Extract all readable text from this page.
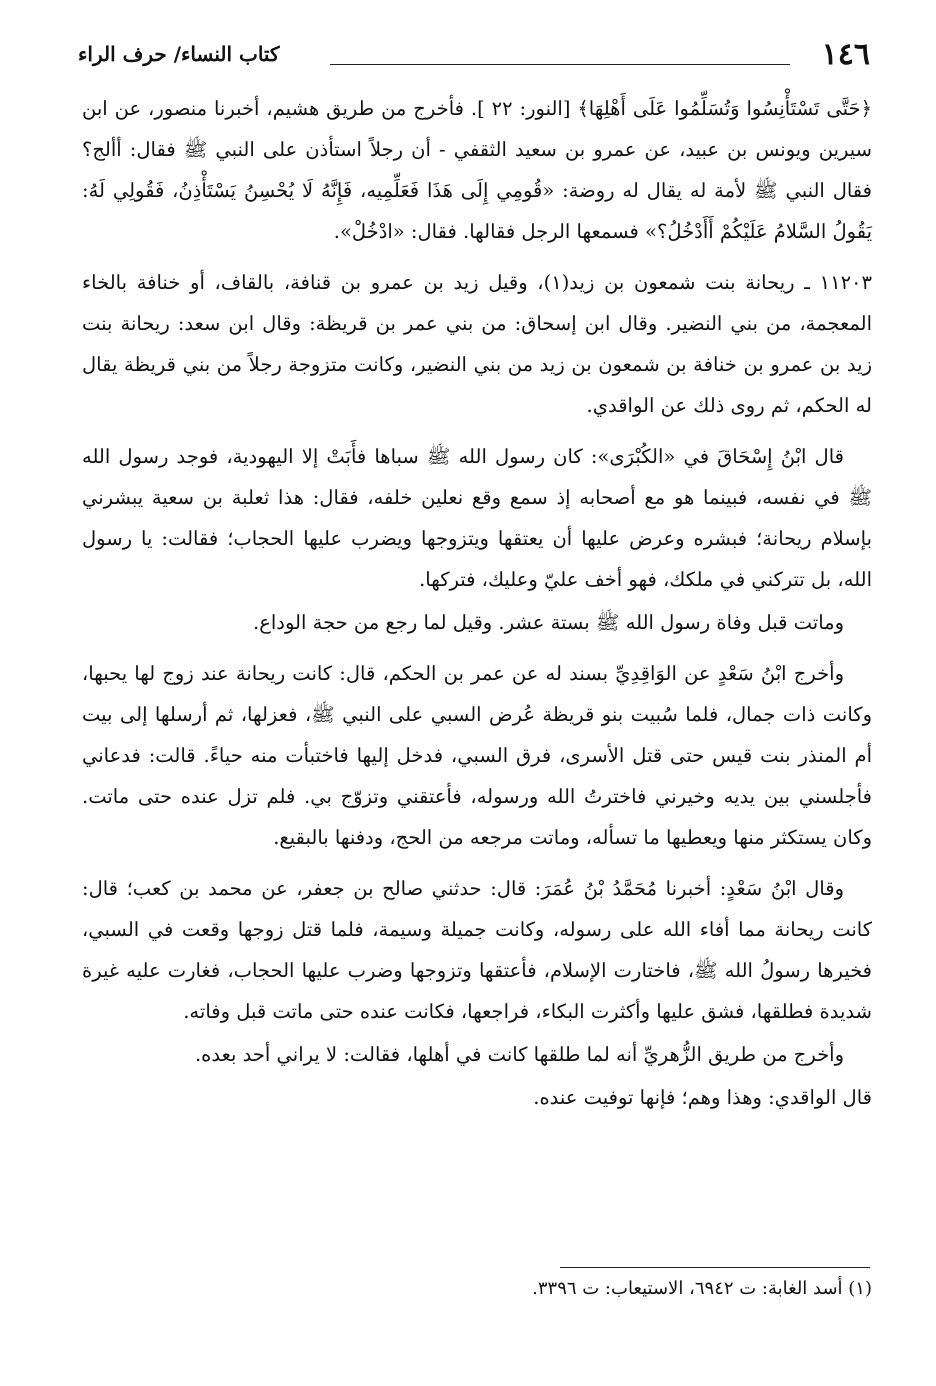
١٤٦
كتاب النساء/ حرف الراء

﴿حَتَّى تَسْتَأْنِسُوا وَتُسَلِّمُوا عَلَى أَهْلِهَا﴾ [النور: ٢٢ ]. فأخرج من طريق هشيم، أخبرنا منصور، عن ابن سيرين ويونس بن عبيد، عن عمرو بن سعيد الثقفي - أن رجلاً استأذن على النبي ﷺ فقال: أألج؟ فقال النبي ﷺ لأمة له يقال له روضة: «قُومِي إِلَى هَذَا فَعَلِّمِيه، فَإِنَّهُ لَا يُحْسِنُ يَسْتَأْذِنُ، فَقُولِي لَهُ: يَقُولُ السَّلامُ عَلَيْكُمْ أَأَدْخُلُ؟» فسمعها الرجل فقالها. فقال: «ادْخُلْ».

١١٢٠٣ ـ ريحانة بنت شمعون بن زيد(١)، وقيل زيد بن عمرو بن قنافة، بالقاف، أو خنافة بالخاء المعجمة، من بني النضير. وقال ابن إسحاق: من بني عمر بن قريظة: وقال ابن سعد: ريحانة بنت زيد بن عمرو بن خنافة بن شمعون بن زيد من بني النضير، وكانت متزوجة رجلاً من بني قريظة يقال له الحكم، ثم روى ذلك عن الواقدي.

قال ابْنُ إِسْحَاقَ في «الكُبْرَى»: كان رسول الله ﷺ سباها فأَبَتْ إلا اليهودية، فوجد رسول الله ﷺ في نفسه، فبينما هو مع أصحابه إذ سمع وقع نعلين خلفه، فقال: هذا ثعلبة بن سعية يبشرني بإسلام ريحانة؛ فبشره وعرض عليها أن يعتقها ويتزوجها ويضرب عليها الحجاب؛ فقالت: يا رسول الله، بل تتركني في ملكك، فهو أخف عليّ وعليك، فتركها.

وماتت قبل وفاة رسول الله ﷺ بستة عشر. وقيل لما رجع من حجة الوداع.

وأخرج ابْنُ سَعْدٍ عن الوَاقِدِيِّ بسند له عن عمر بن الحكم، قال: كانت ريحانة عند زوج لها يحبها، وكانت ذات جمال، فلما سُبيت بنو قريظة عُرض السبي على النبي ﷺ، فعزلها، ثم أرسلها إلى بيت أم المنذر بنت قيس حتى قتل الأسرى، فرق السبي، فدخل إليها فاختبأت منه حياءً. قالت: فدعاني فأجلسني بين يديه وخيرني فاخترتُ الله ورسوله، فأعتقني وتزوّج بي. فلم تزل عنده حتى ماتت. وكان يستكثر منها ويعطيها ما تسأله، وماتت مرجعه من الحج، ودفنها بالبقيع.

وقال ابْنُ سَعْدٍ: أخبرنا مُحَمَّدُ بْنُ عُمَرَ: قال: حدثني صالح بن جعفر، عن محمد بن كعب؛ قال: كانت ريحانة مما أفاء الله على رسوله، وكانت جميلة وسيمة، فلما قتل زوجها وقعت في السبي، فخيرها رسولُ الله ﷺ، فاختارت الإسلام، فأعتقها وتزوجها وضرب عليها الحجاب، فغارت عليه غيرة شديدة فطلقها، فشق عليها وأكثرت البكاء، فراجعها، فكانت عنده حتى ماتت قبل وفاته.

وأخرج من طريق الزُّهريِّ أنه لما طلقها كانت في أهلها، فقالت: لا يراني أحد بعده.

قال الواقدي: وهذا وهم؛ فإنها توفيت عنده.

(١) أسد الغابة: ت ٦٩٤٢، الاستيعاب: ت ٣٣٩٦.
